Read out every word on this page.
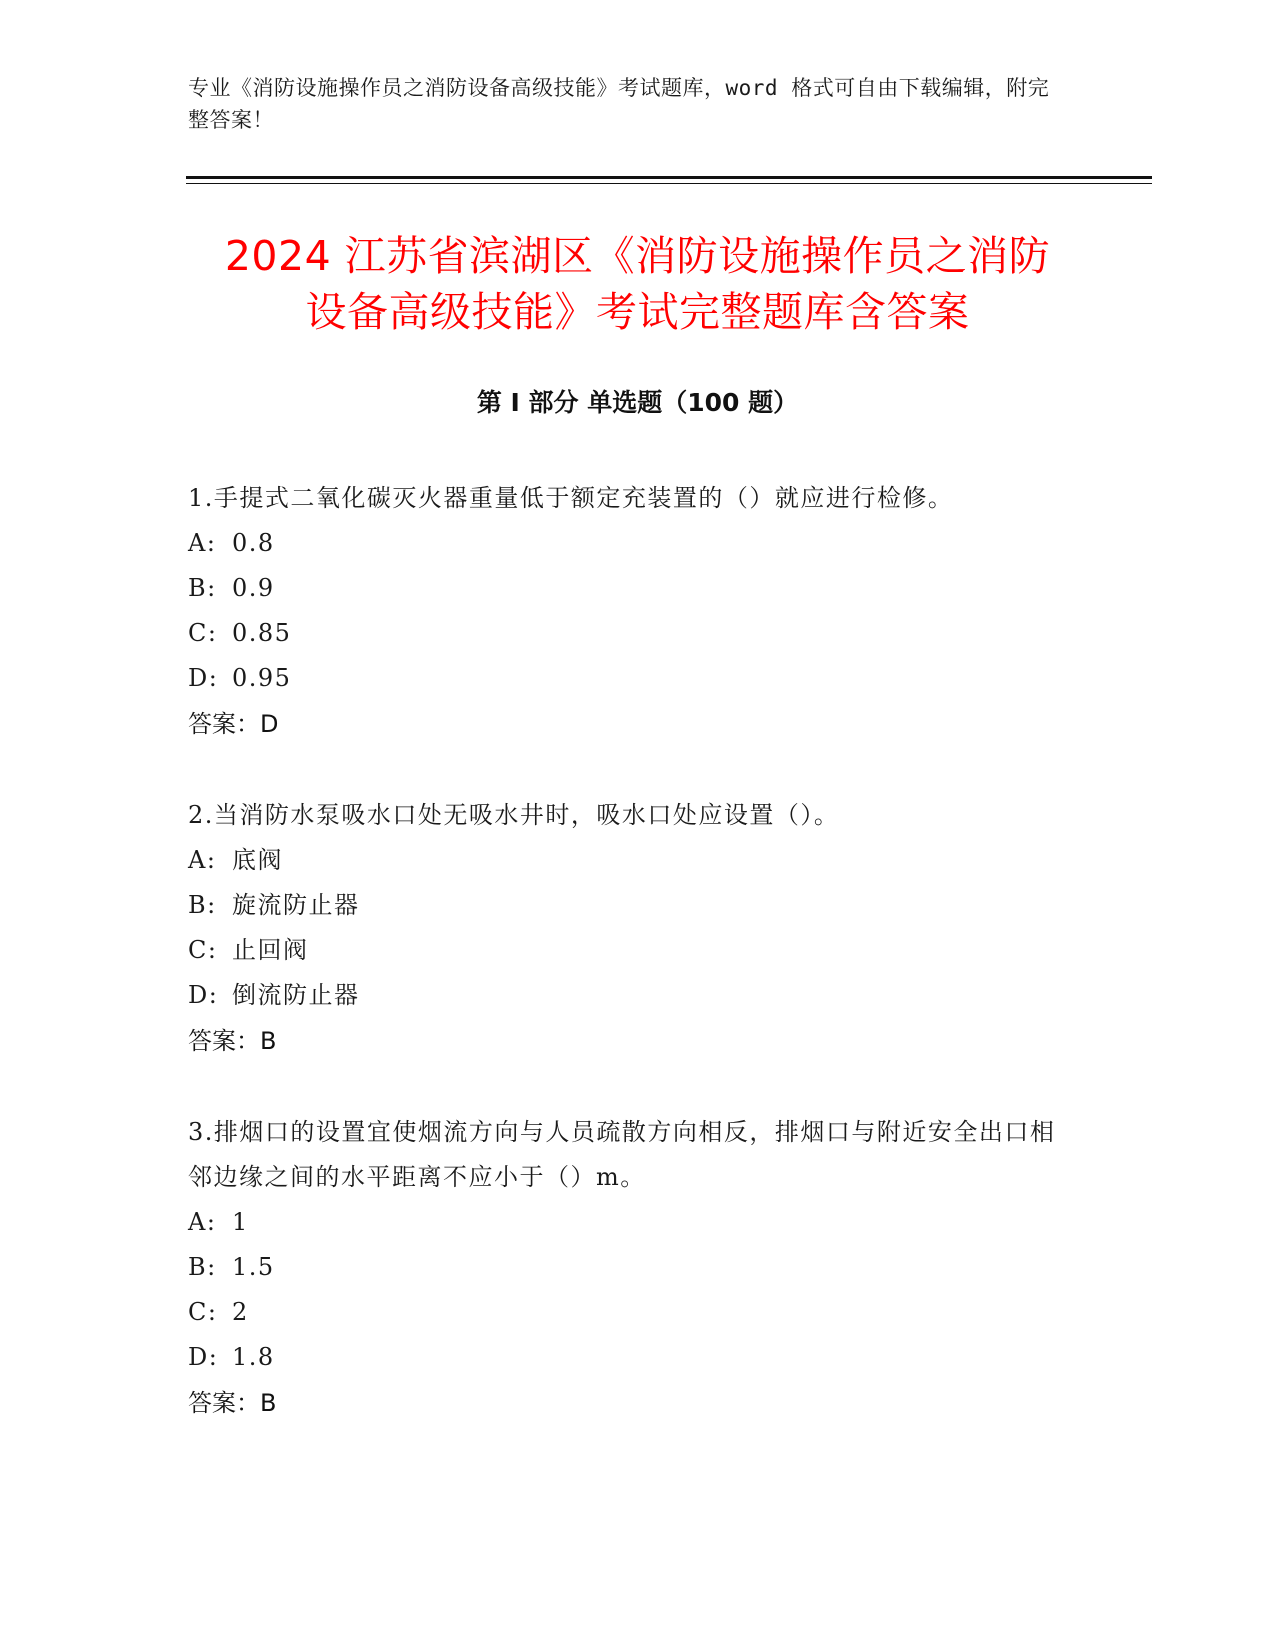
专业《消防设施操作员之消防设备高级技能》考试题库，word 格式可自由下载编辑，附完整答案！
2024 江苏省滨湖区《消防设施操作员之消防
设备高级技能》考试完整题库含答案
第 I 部分 单选题（100 题）
1.手提式二氧化碳灭火器重量低于额定充装置的（）就应进行检修。
A: 0.8
B: 0.9
C: 0.85
D: 0.95
答案：D
2.当消防水泵吸水口处无吸水井时，吸水口处应设置（）。
A: 底阀
B: 旋流防止器
C: 止回阀
D: 倒流防止器
答案：B
3.排烟口的设置宜使烟流方向与人员疏散方向相反，排烟口与附近安全出口相邻边缘之间的水平距离不应小于（）m。
A: 1
B: 1.5
C: 2
D: 1.8
答案：B
